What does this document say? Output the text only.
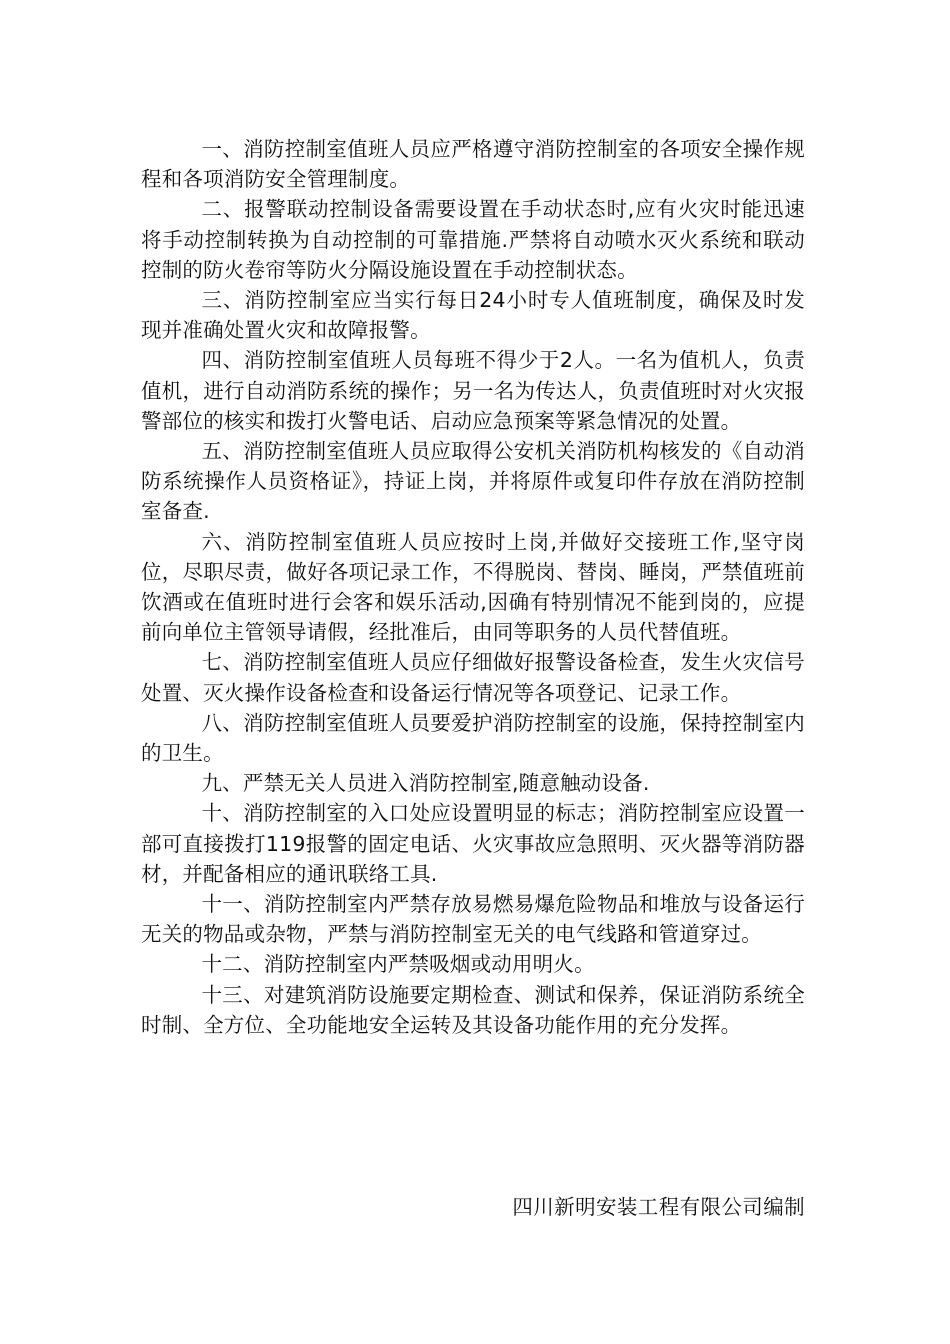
一、消防控制室值班人员应严格遵守消防控制室的各项安全操作规程和各项消防安全管理制度。

二、报警联动控制设备需要设置在手动状态时,应有火灾时能迅速将手动控制转换为自动控制的可靠措施.严禁将自动喷水灭火系统和联动控制的防火卷帘等防火分隔设施设置在手动控制状态。

三、消防控制室应当实行每日24小时专人值班制度，确保及时发现并准确处置火灾和故障报警。

四、消防控制室值班人员每班不得少于2人。一名为值机人，负责值机，进行自动消防系统的操作；另一名为传达人，负责值班时对火灾报警部位的核实和拨打火警电话、启动应急预案等紧急情况的处置。

五、消防控制室值班人员应取得公安机关消防机构核发的《自动消防系统操作人员资格证》，持证上岗，并将原件或复印件存放在消防控制室备查.

六、消防控制室值班人员应按时上岗,并做好交接班工作,坚守岗位，尽职尽责，做好各项记录工作，不得脱岗、替岗、睡岗，严禁值班前饮酒或在值班时进行会客和娱乐活动,因确有特别情况不能到岗的，应提前向单位主管领导请假，经批准后，由同等职务的人员代替值班。

七、消防控制室值班人员应仔细做好报警设备检查，发生火灾信号处置、灭火操作设备检查和设备运行情况等各项登记、记录工作。

八、消防控制室值班人员要爱护消防控制室的设施，保持控制室内的卫生。

九、严禁无关人员进入消防控制室,随意触动设备.

十、消防控制室的入口处应设置明显的标志；消防控制室应设置一部可直接拨打119报警的固定电话、火灾事故应急照明、灭火器等消防器材，并配备相应的通讯联络工具.

十一、消防控制室内严禁存放易燃易爆危险物品和堆放与设备运行无关的物品或杂物，严禁与消防控制室无关的电气线路和管道穿过。

十二、消防控制室内严禁吸烟或动用明火。

十三、对建筑消防设施要定期检查、测试和保养，保证消防系统全时制、全方位、全功能地安全运转及其设备功能作用的充分发挥。

四川新明安装工程有限公司编制
